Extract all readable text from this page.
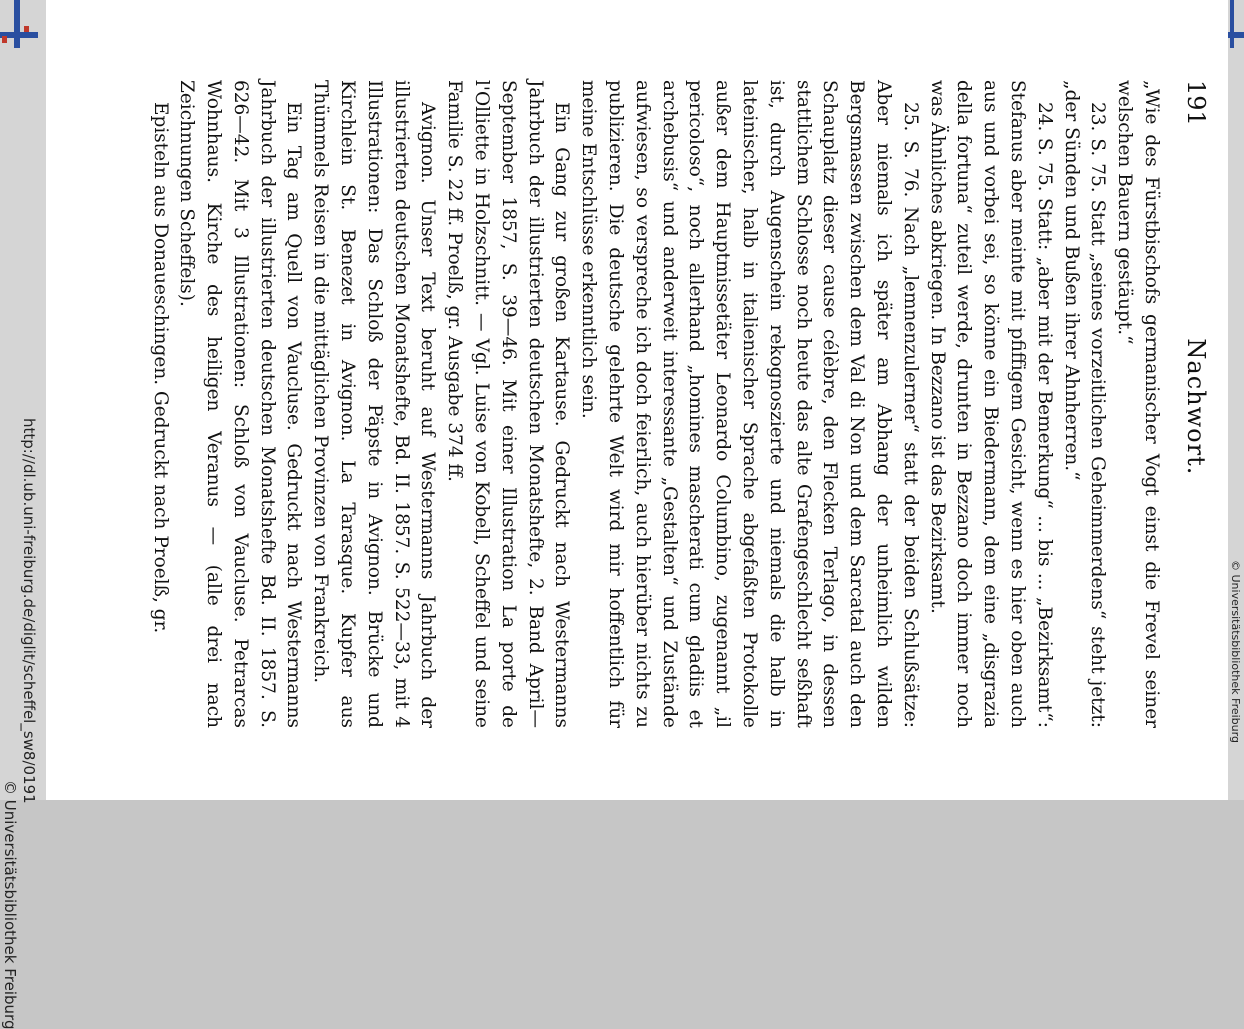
http://dl.ub.uni-freiburg.de/diglit/scheffel_sw8/0191
© Universitätsbibliothek Freiburg
191
Nachwort.

„Wie des Fürstbischofs germanischer Vogt einst die Frevel seiner welschen Bauern gestäupt.“

23. S. 75. Statt „seines vorzeitlichen Geheimmerdens“ steht jetzt: „der Sünden und Bußen ihrer Ahnherren.“

24. S. 75. Statt: „aber mit der Bemerkung“ ... bis ... „Bezirksamt“: Stefanus aber meinte mit pfiffigem Gesicht, wenn es hier oben auch aus und vorbei sei, so könne ein Biedermann, dem eine „disgrazia della fortuna“ zuteil werde, drunten in Bezzano doch immer noch was Ähnliches abkriegen. In Bezzano ist das Bezirksamt.

25. S. 76. Nach „lemnenzulerner“ statt der beiden Schlußsätze: Aber niemals ich später am Abhang der unheimlich wilden Bergsmassen zwischen dem Val di Non und dem Sarcatal auch den Schauplatz dieser cause célèbre, den Flecken Terlago, in dessen stattlichem Schlosse noch heute das alte Grafengeschlecht seßhaft ist, durch Augenschein rekognoszierte und niemals die halb in lateinischer, halb in italienischer Sprache abgefaßten Protokolle außer dem Hauptmissetäter Leonardo Columbino, zugenannt „il pericoloso“, noch allerhand „homines mascherati cum gladiis et archebusis“ und anderweit interessante „Gestalten“ und Zustände aufwiesen, so verspreche ich doch feierlich, auch hierüber nichts zu publizieren. Die deutsche gelehrte Welt wird mir hoffentlich für meine Entschlüsse erkenntlich sein.

Ein Gang zur großen Kartause. Gedruckt nach Westermanns Jahrbuch der illustrierten deutschen Monatshefte, 2. Band April—September 1857, S. 39—46. Mit einer Illustration La porte de l'Olliette in Holzschnitt. — Vgl. Luise von Kobell, Scheffel und seine Familie S. 22 ff. Proelß, gr. Ausgabe 374 ff.

Avignon. Unser Text beruht auf Westermanns Jahrbuch der illustrierten deutschen Monatshefte, Bd. II. 1857. S. 522—33, mit 4 Illustrationen: Das Schloß der Päpste in Avignon. Brücke und Kirchlein St. Benezet in Avignon. La Tarasque. Kupfer aus Thümmels Reisen in die mittäglichen Provinzen von Frankreich.

Ein Tag am Quell von Vaucluse. Gedruckt nach Westermanns Jahrbuch der illustrierten deutschen Monatshefte Bd. II. 1857. S. 626—42. Mit 3 Illustrationen: Schloß von Vaucluse. Petrarcas Wohnhaus. Kirche des heiligen Veranus — (alle drei nach Zeichnungen Scheffels).

Episteln aus Donaueschingen. Gedruckt nach Proelß, gr.

© Universitätsbibliothek Freiburg
